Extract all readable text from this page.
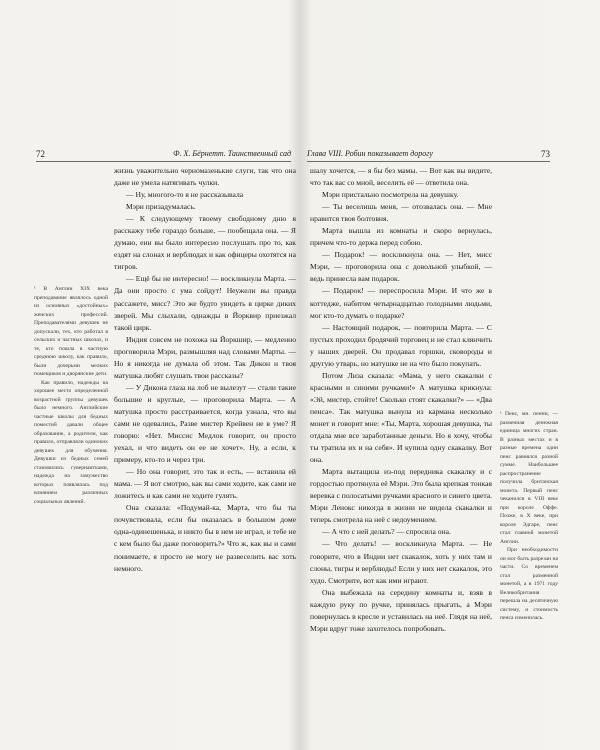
72	Ф. Х. Бёрнетт. Таинственный сад Глава VIII. Робин показывает дорогу	73

жизнь уважительно черномазенькие слуги, так что она даже не умела натягивать чулки.

— Ну, многого-то я не рассказывала

Мэри призадумалась.

— К следующему твоему свободному дню я расскажу тебе гораздо больше, — пообещала она. — Я думаю, ени вы было интересно послушать про то, как ездят на слонах и верблюдах и как офицеры охотятся на тигров.

— Ещё бы не интересно! — воскликнула Марта. — Да они просто с ума сойдут! Неужели вы правда рассажете, мисс? Это же будто увидеть в цирке диких зверей. Мы слыхали, однажды в Йорквир приезжал такой цирк.

Индия совсем не похожа на Йоркшир, — медленно проговорила Мэри, размышляя над словами Марты. — Но я никогда не думала об этом. Так Дикон и твоя матушка любят слушать твои рассказы?

— У Дикона глаза на лоб не вылезут — стали такие большие и круглые, — проговорила Марта. — А матушка просто расстраивается, когда узнала, что вы сами не одевались, Разве мистер Крейвен не в уме? Я говорю: «Нет. Миссис Медлок говорит, он просто уехал, и что видеть он ее не хочет». Ну, а если, к примеру, кто-то и через три.

— Но она говорит, это так и есть, — вставила ей мама. — Я вот смотрю, как вы сами ходите, как сами не ложитесь и как сами не ходите гулять.

Она сказала: «Подумай-ка, Марта, что бы ты почувствовала, если бы оказалась в большом доме одна-одинешенька, и никто бы в нем не играл, и тебе не с кем было бы даже поговорить?» Что ж, как вы и сами понимаете, я просто не могу не развеселить вас хоть немного.

¹ В Англии XIX века преподавание являлось одной из основных «достойных» женских профессий. Преподавателями девушек не допускали, тех, кто работал в сельских и частных школах, и те, кто пошла в частную среднюю школу, как правило, были дочерьми мелких помещиков и дворянские дети.

Как правило, надежды на хорошее место определенной возрастной группы девушек было немного. Английские частные школы для бедных поместий давали общее образование, а родители, как правило, отправляли одиноких девушек для обучения. Девушки из бедных семей становились гувернантками, надежда на замужество которых появлялась под влиянием различных социальных явлений.

шалу хочется, — я бы без мамы. — Вот как вы видите, что так вас со мной, веселить её — ответила она.

Мэри пристально посмотрела на девушку.

— Ты веселишь меня, — отозвалась она. — Мне нравится твоя болтовня.

Марта вышла из комнаты и скоро вернулась, причем что-то держа перед собою.

— Подарок! — воскликнула она. — Нет, мисс Мэри, — проговорила она с довольной улыбкой, — ведь принесла вам подарок.

— Подарок! — переспросила Мэри. И что же в коттедже, набитом четырнадцатью голодными людьми, мог кто-то думать о подарке?

— Настоящий подарок, — повторила Марта. — С пустых проходил бродячий торговец и не стал клянчить у наших дверей. Он продавал горшки, сковороды и другую утварь, но матушке не на что было покупать.

Потом Лиза сказала: «Мама, у него скакалки с красными и синими ручками!» А матушка крикнула: «Эй, мистер, стойте! Сколько стоят скакалки?» — «Два пенса». Так матушка вынула из кармана несколько монет и говорит мне: «Ты, Марта, хорошая девушка, ты отдала мне все заработанные деньги. Но я хочу, чтобы ты тратила их и на себя». И купила одну скакалку. Вот она.

Марта вытащила из-под передника скакалку и с гордостью протянула её Мэри. Это была крепкая тонкая веревка с полосатыми ручками красного и синего цвета. Мэри Ленокс никогда в жизни не видела скакалки и теперь смотрела на неё с недоумением.

— А что с ней делать? — спросила она.

— Что делать! — воскликнула Марта. — Не говорите, что в Индии нет скакалок, хоть у них там и слоны, тигры и верблюды! Если у них нет скакалок, это худо. Смотрите, вот как ими играют.

Она выбежала на середину комнаты и, взяв в каждую руку по ручке, принялась прыгать, а Мэри повернулась в кресле и уставилась на неё. Глядя на неё, Мэри вдруг тоже захотелось попробовать.

¹ Пенс, мн. пенни, — разменная денежная единица многих стран. В разных местах и в разные времена один пенс равнялся разной сумме. Наибольшее распространение получила британская монета. Первый пенс чеканился в VIII веке при короле Оффе. Позже, в X веке, при короле Эдгаре, пенс стал главной монетой Англии.

При необходимости он мог быть разрезан на части. Со временем стал разменной монетой, а в 1971 году Великобритания перешла на десятичную систему, и стоимость пенса изменилась.
